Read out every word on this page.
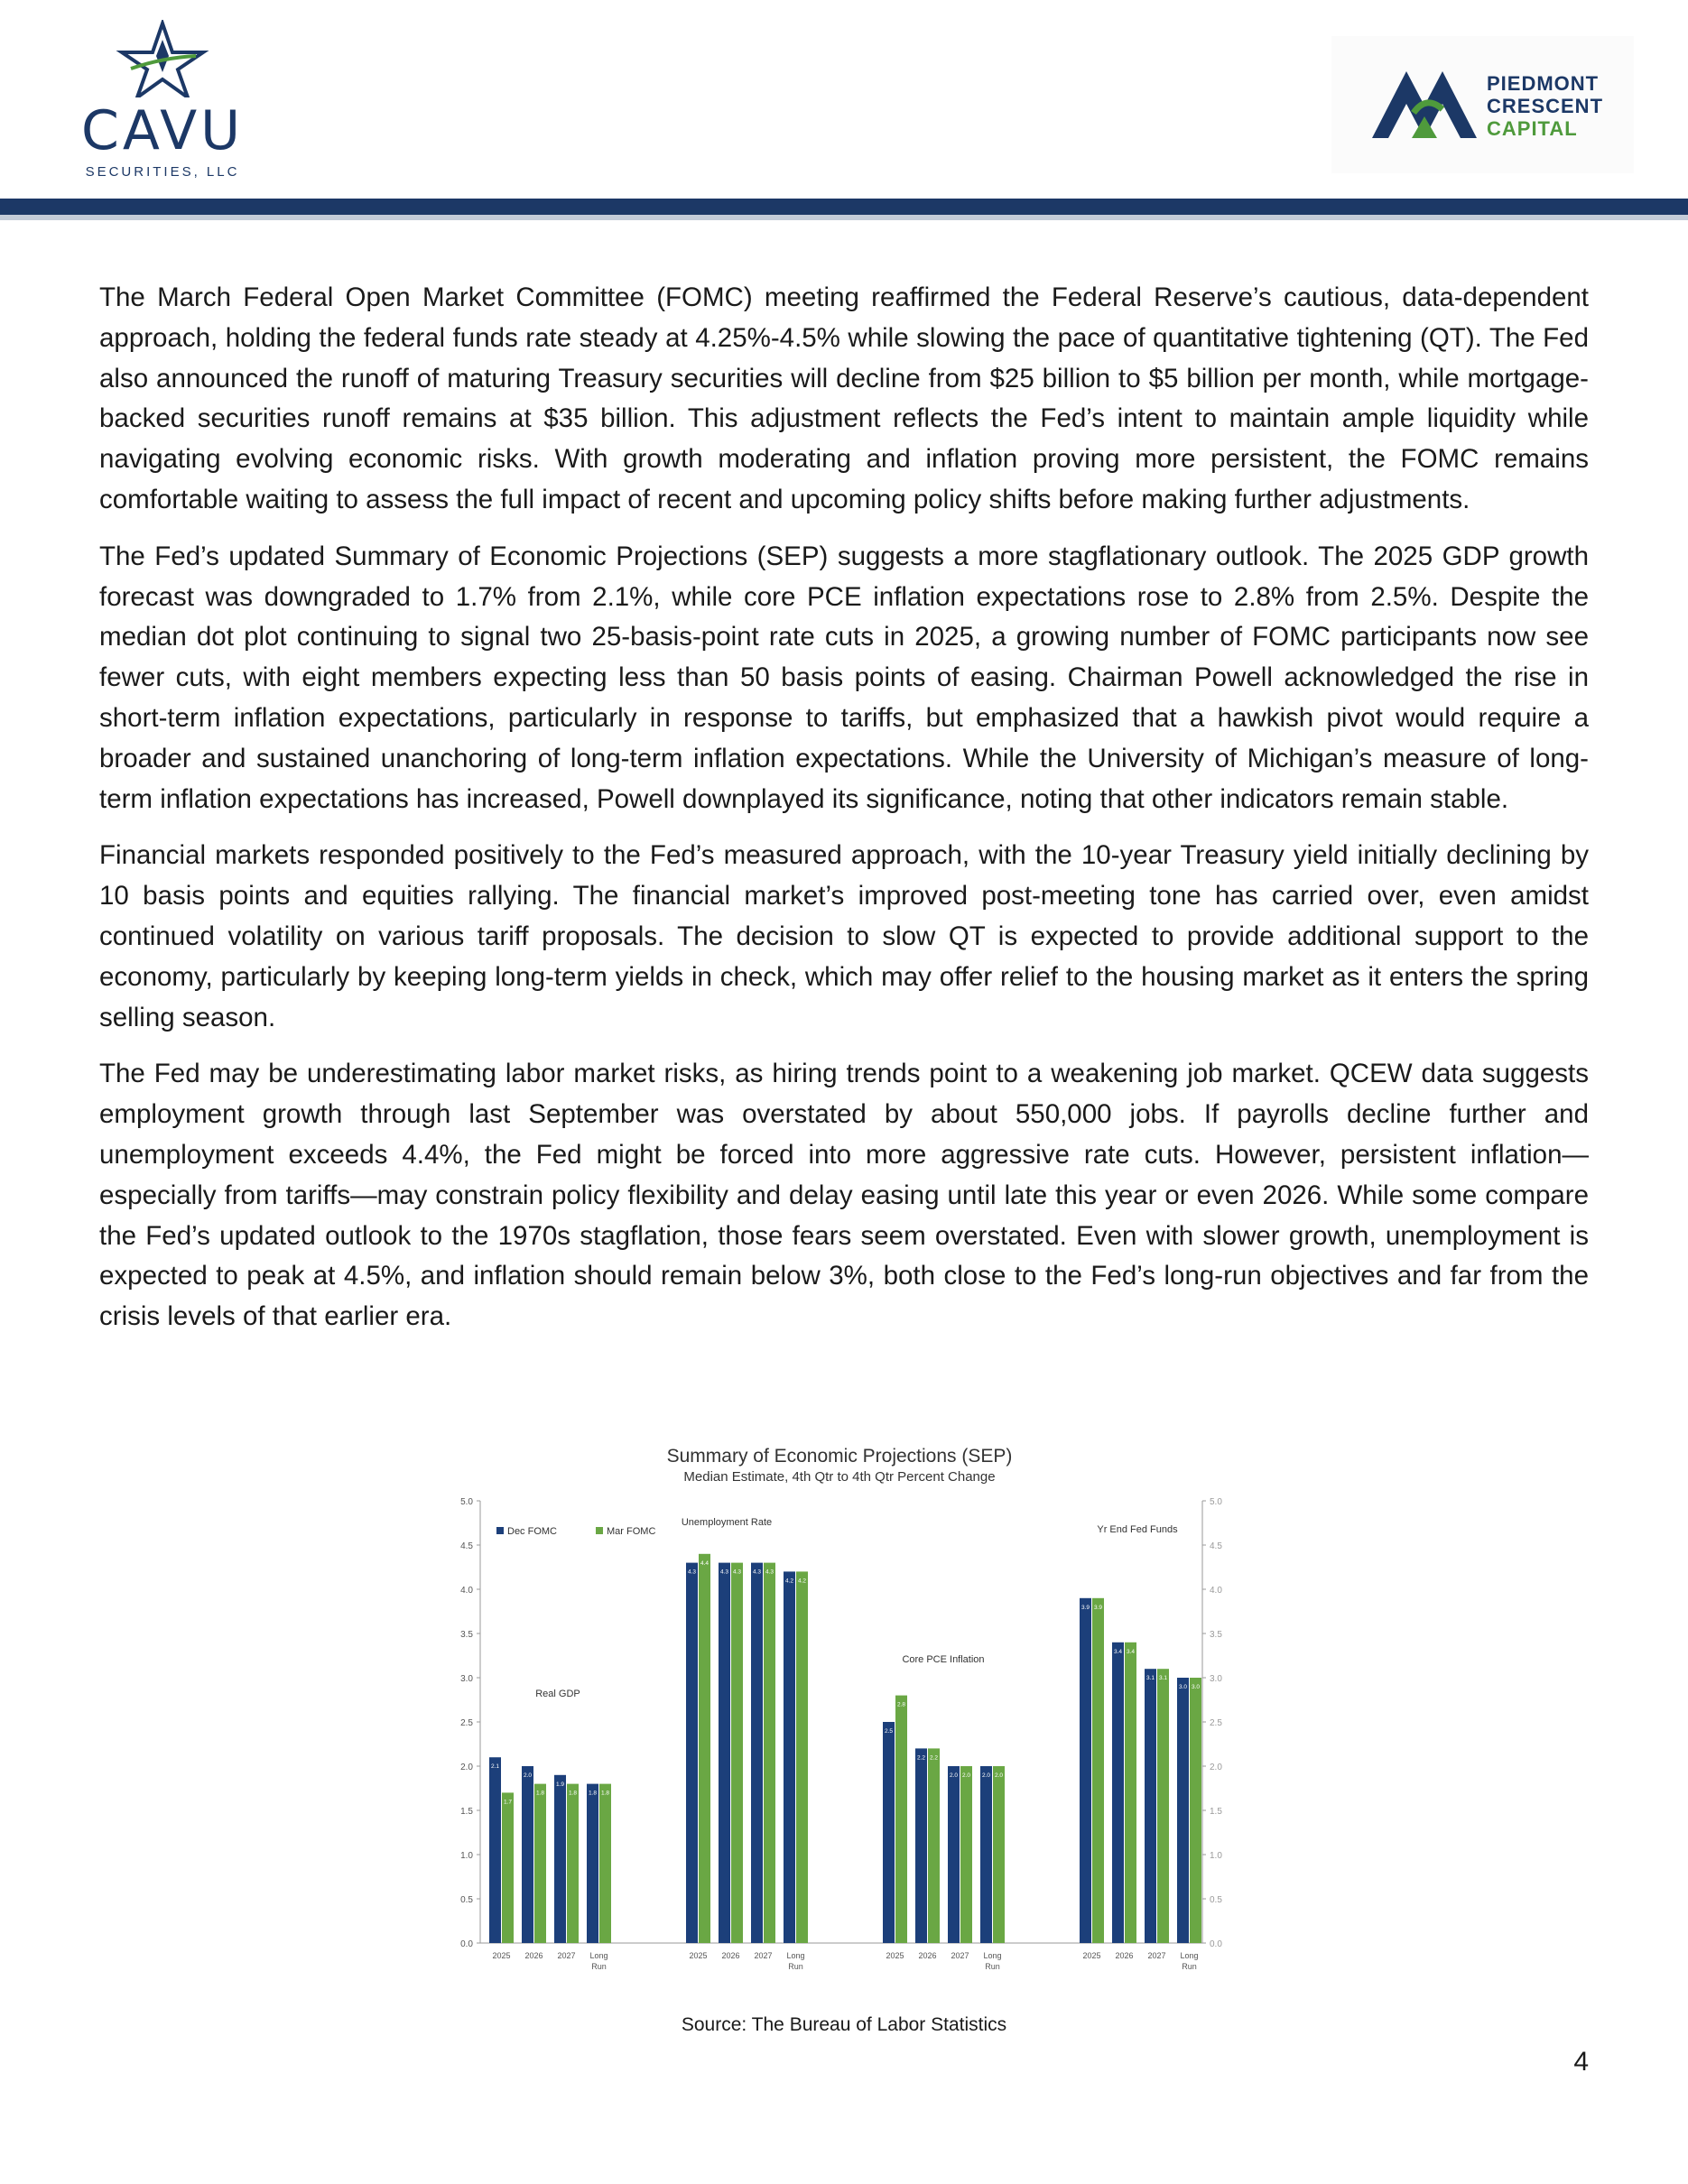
CAVU
SECURITIES, LLC
PIEDMONT
CRESCENT
CAPITAL

The March Federal Open Market Committee (FOMC) meeting reaffirmed the Federal Reserve’s cautious, data-dependent approach, holding the federal funds rate steady at 4.25%-4.5% while slowing the pace of quantitative tightening (QT). The Fed also announced the runoff of maturing Treasury securities will decline from $25 billion to $5 billion per month, while mortgage-backed securities runoff remains at $35 billion. This adjustment reflects the Fed’s intent to maintain ample liquidity while navigating evolving economic risks. With growth moderating and inflation proving more persistent, the FOMC remains comfortable waiting to assess the full impact of recent and upcoming policy shifts before making further adjustments.

The Fed’s updated Summary of Economic Projections (SEP) suggests a more stagflationary outlook. The 2025 GDP growth forecast was downgraded to 1.7% from 2.1%, while core PCE inflation expectations rose to 2.8% from 2.5%. Despite the median dot plot continuing to signal two 25-basis-point rate cuts in 2025, a growing number of FOMC participants now see fewer cuts, with eight members expecting less than 50 basis points of easing. Chairman Powell acknowledged the rise in short-term inflation expectations, particularly in response to tariffs, but emphasized that a hawkish pivot would require a broader and sustained unanchoring of long-term inflation expectations. While the University of Michigan’s measure of long-term inflation expectations has increased, Powell downplayed its significance, noting that other indicators remain stable.

Financial markets responded positively to the Fed’s measured approach, with the 10-year Treasury yield initially declining by 10 basis points and equities rallying. The financial market’s improved post-meeting tone has carried over, even amidst continued volatility on various tariff proposals. The decision to slow QT is expected to provide additional support to the economy, particularly by keeping long-term yields in check, which may offer relief to the housing market as it enters the spring selling season.

The Fed may be underestimating labor market risks, as hiring trends point to a weakening job market. QCEW data suggests employment growth through last September was overstated by about 550,000 jobs. If payrolls decline further and unemployment exceeds 4.4%, the Fed might be forced into more aggressive rate cuts. However, persistent inflation—especially from tariffs—may constrain policy flexibility and delay easing until late this year or even 2026. While some compare the Fed’s updated outlook to the 1970s stagflation, those fears seem overstated. Even with slower growth, unemployment is expected to peak at 4.5%, and inflation should remain below 3%, both close to the Fed’s long-run objectives and far from the crisis levels of that earlier era.

Summary of Economic Projections (SEP)
Median Estimate, 4th Qtr to 4th Qtr Percent Change
0.0	0.0
0.5	0.5
1.0	1.0
1.5	1.5
2.0	2.0
2.5	2.5
3.0	3.0
3.5	3.5
4.0	4.0
4.5	4.5
5.0	5.0
Dec FOMC	Mar FOMC
Real GDP
2.1
1.7
2025
2.0
1.8
2026
1.9
1.8
2027
1.8 1.8
Long
Run
Unemployment Rate
4.3
4.4
2025
4.3 4.3
2026
4.3 4.3
2027
4.2 4.2
Long
Run
Core PCE Inflation
2.5
2.8
2025
2.2 2.2
2026
2.0 2.0
2027
2.0 2.0
Long
Run
Yr End Fed Funds
3.9 3.9
2025
3.4 3.4
2026
3.1 3.1
2027
3.0 3.0
Long
Run
Source: The Bureau of Labor Statistics
4
